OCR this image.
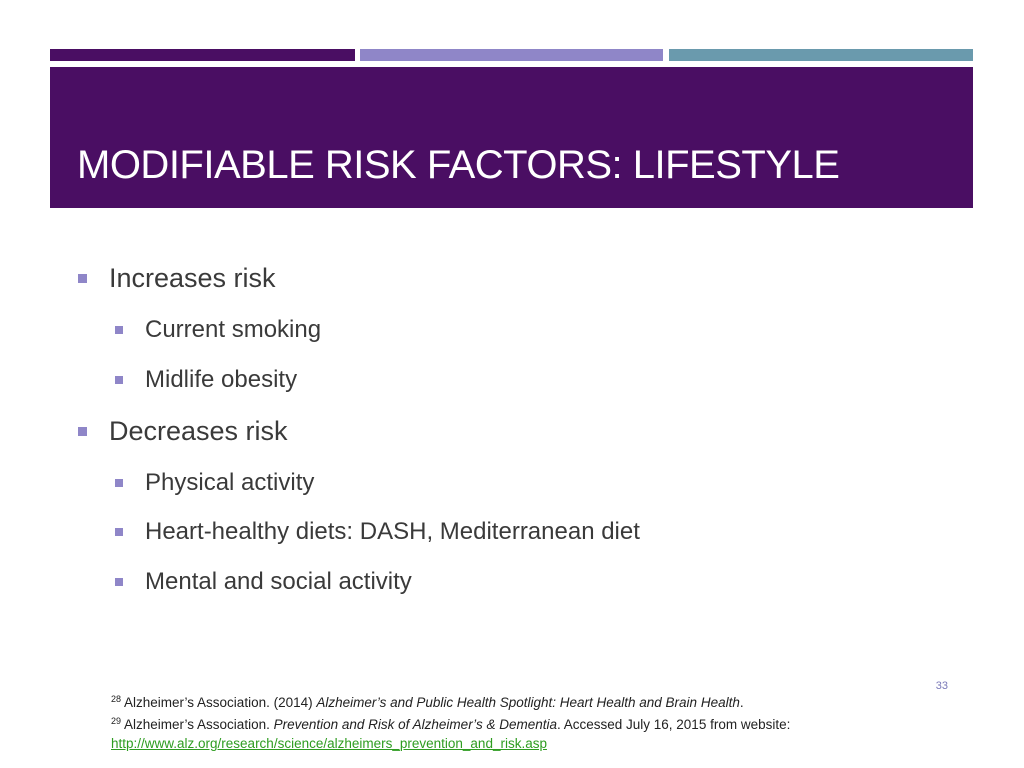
MODIFIABLE RISK FACTORS: LIFESTYLE
Increases risk
Current smoking
Midlife obesity
Decreases risk
Physical activity
Heart-healthy diets: DASH, Mediterranean diet
Mental and social activity
33
$^{28}$ Alzheimer’s Association. (2014) Alzheimer’s and Public Health Spotlight: Heart Health and Brain Health.
$^{29}$ Alzheimer’s Association. Prevention and Risk of Alzheimer’s & Dementia. Accessed July 16, 2015 from website:
http://www.alz.org/research/science/alzheimers_prevention_and_risk.asp
